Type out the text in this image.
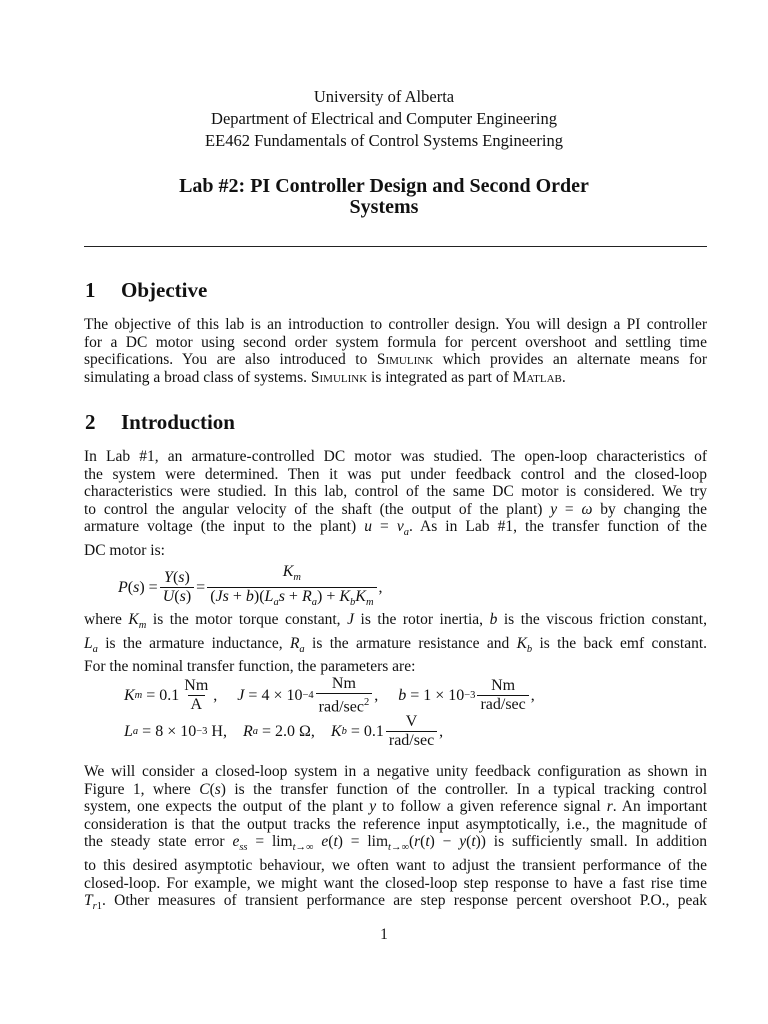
University of Alberta
Department of Electrical and Computer Engineering
EE462 Fundamentals of Control Systems Engineering
Lab #2: PI Controller Design and Second Order
Systems
1 Objective
The objective of this lab is an introduction to controller design. You will design a PI controller
for a DC motor using second order system formula for percent overshoot and settling time
specifications. You are also introduced to Simulink which provides an alternate means for
simulating a broad class of systems. Simulink is integrated as part of Matlab.
2 Introduction
In Lab #1, an armature-controlled DC motor was studied. The open-loop characteristics of
the system were determined. Then it was put under feedback control and the closed-loop
characteristics were studied. In this lab, control of the same DC motor is considered. We try
to control the angular velocity of the shaft (the output of the plant) y = ω by changing the
armature voltage (the input to the plant) $u = v_a$. As in Lab #1, the transfer function of the
DC motor is:
P ( s ) = $\frac{Y(s)}{U(s)} = \frac{K_m}{(Js + b)(L_as + R_a) + K_bK_m}$ ,
where $K_m$ is the motor torque constant, J is the rotor inertia, b is the viscous friction constant,
$L_a$ is the armature inductance, $R_a$ is the armature resistance and $K_b$ is the back emf constant.
For the nominal transfer function, the parameters are:
K $m = 0.1 \frac{Nm}{A}$ , $J = 4 \times 10 -4 \frac{Nm}{rad/\sec^2}$ , $b = 1 \times 10 -3 \frac{Nm}{\text{rad/sec}}$ ,
L a = 8 × 10 −3
H , R a = 2.0 Ω , K $b = 0.1 \frac{V}{\text{rad/sec}}$ ,
We will consider a closed-loop system in a negative unity feedback configuration as shown in
Figure 1, where C(s) is the transfer function of the controller. In a typical tracking control
system, one expects the output of the plant y to follow a given reference signal r. An important
consideration is that the output tracks the reference input asymptotically, i.e., the magnitude of
the steady state error $e_{ss} = \lim_{t\to\infty} e(t) = \lim_{t\to\infty}(r(t) - y(t))$ is sufficiently small. In addition
to this desired asymptotic behaviour, we often want to adjust the transient performance of the
closed-loop. For example, we might want the closed-loop step response to have a fast rise time
$T_{r1}$. Other measures of transient performance are step response percent overshoot P.O., peak
1
